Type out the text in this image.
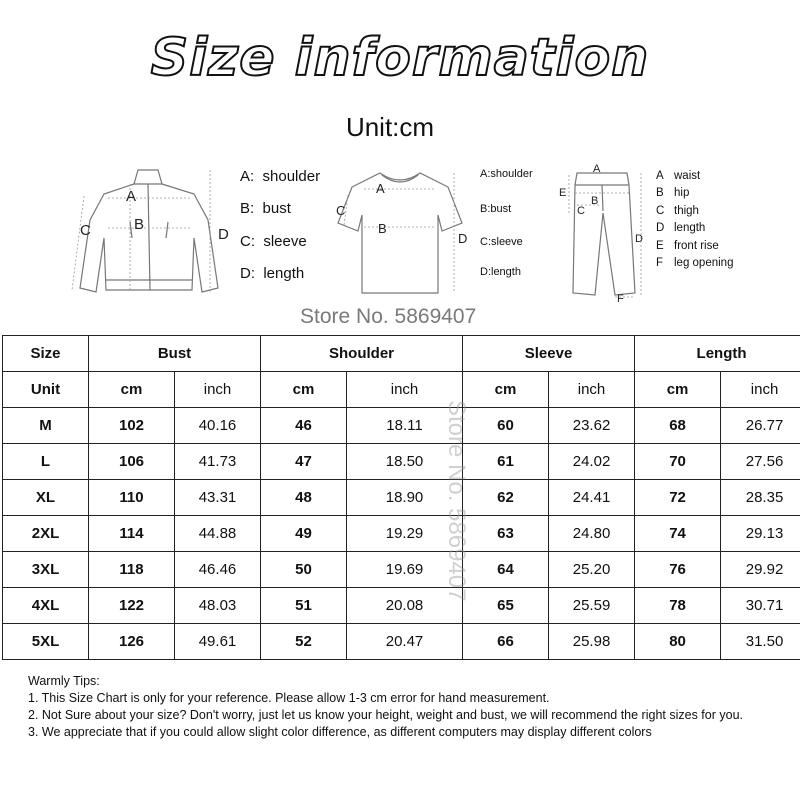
Size information
Unit:cm
A
B
C	D
A: shoulder
B: bust
C: sleeve
D: length
A
B
C
D
A:shoulder
B:bust
C:sleeve
D:length
A
B
C
D
E
F
A waist
B hip
C thigh
D length
E front rise
F leg opening
Store No. 5869407
Size	Bust		Shoulder		Sleeve		Length	
Unit	cm	inch	cm	inch	cm	inch	cm	inch
M	102	40.16	46	18.11	60	23.62	68	26.77
L	106	41.73	47	18.50	61	24.02	70	27.56
XL	110	43.31	48	18.90	62	24.41	72	28.35
2XL	114	44.88	49	19.29	63	24.80	74	29.13
3XL	118	46.46	50	19.69	64	25.20	76	29.92
4XL	122	48.03	51	20.08	65	25.59	78	30.71
5XL	126	49.61	52	20.47	66	25.98	80	31.50
Store No. 5869407
Warmly Tips:
1. This Size Chart is only for your reference. Please allow 1-3 cm error for hand measurement.
2. Not Sure about your size? Don't worry, just let us know your height, weight and bust, we will recommend the right sizes for you.
3. We appreciate that if you could allow slight color difference, as different computers may display different colors
